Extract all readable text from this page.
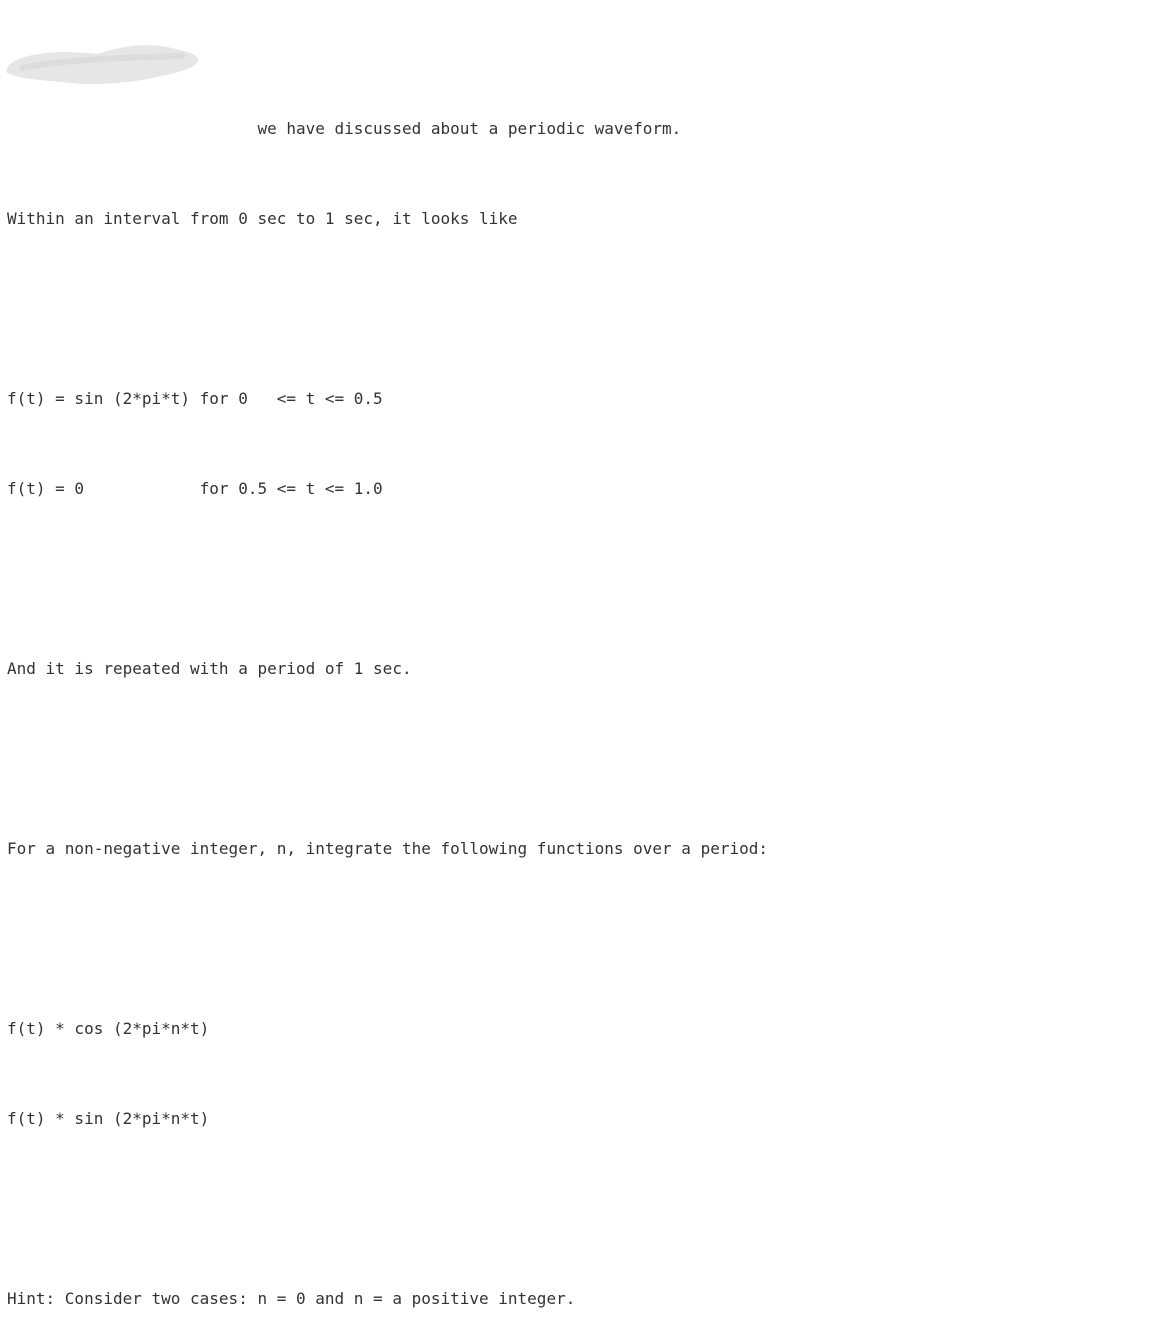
we have discussed about a periodic waveform.

Within an interval from 0 sec to 1 sec, it looks like

f(t) = sin (2*pi*t) for 0   <= t <= 0.5

f(t) = 0            for 0.5 <= t <= 1.0

And it is repeated with a period of 1 sec.

For a non-negative integer, n, integrate the following functions over a period:

f(t) * cos (2*pi*n*t)

f(t) * sin (2*pi*n*t)

Hint: Consider two cases: n = 0 and n = a positive integer.
